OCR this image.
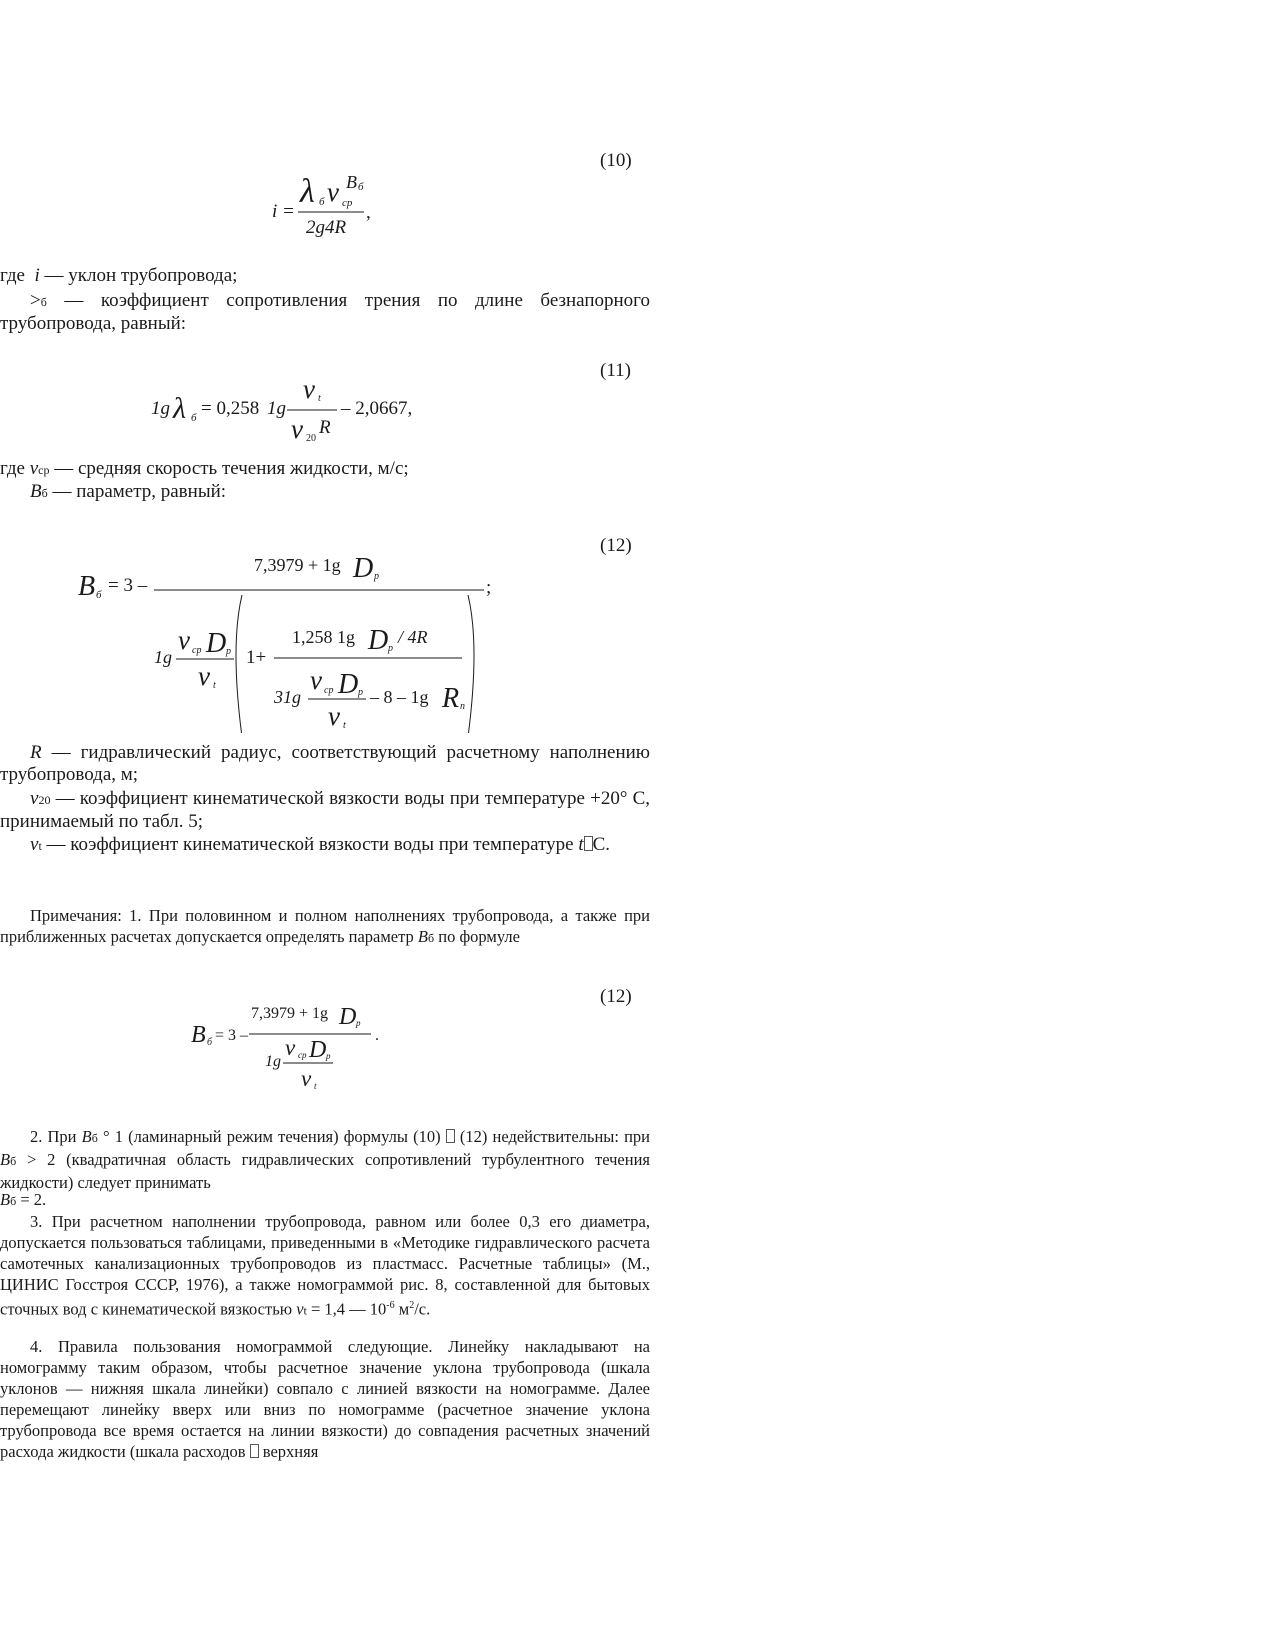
(10)
i =
λ б v ср
B б
2g4R
,
где i — уклон трубопровода;
>б — коэффициент сопротивления трения по длине безнапорного трубопровода, равный:
(11)
1g λ б = 0,258 1g
v t
v 20
R
– 2,0667,
где vср — средняя скорость течения жидкости, м/с;
Bб — параметр, равный:
(12)
B б = 3 –
7,3979 + 1g D р
;
1g
v ср D р
v t
1+
1,258 1g D р
/ 4R
31g
v ср D р
v t
– 8 – 1g R п
R — гидравлический радиус, соответствующий расчетному наполнению трубопровода, м;
v20 — коэффициент кинематической вязкости воды при температуре +20° С, принимаемый по табл. 5;
vt — коэффициент кинематической вязкости воды при температуре t С.
Примечания: 1. При половинном и полном наполнениях трубопровода, а также при приближенных расчетах допускается определять параметр Bб по формуле
(12)
B б = 3 –
7,3979 + 1g D р
.
1g
v ср D р
v t
2. При Bб ° 1 (ламинарный режим течения) формулы (10)  (12) недействительны: при Bб > 2 (квадратичная область гидравлических сопротивлений турбулентного течения жидкости) следует принимать
Bб = 2.
3. При расчетном наполнении трубопровода, равном или более 0,3 его диаметра, допускается пользоваться таблицами, приведенными в «Методике гидравлического расчета самотечных канализационных трубопроводов из пластмасс. Расчетные таблицы» (М., ЦИНИС Госстроя СССР, 1976), а также номограммой рис. 8, составленной для бытовых сточных вод с кинематической вязкостью vt = 1,4 — $10^{-6}$ $м^2/с$.
4. Правила пользования номограммой следующие. Линейку накладывают на номограмму таким образом, чтобы расчетное значение уклона трубопровода (шкала уклонов — нижняя шкала линейки) совпало с линией вязкости на номограмме. Далее перемещают линейку вверх или вниз по номограмме (расчетное значение уклона трубопровода все время остается на линии вязкости) до совпадения расчетных значений расхода жидкости (шкала расходов  верхняя
